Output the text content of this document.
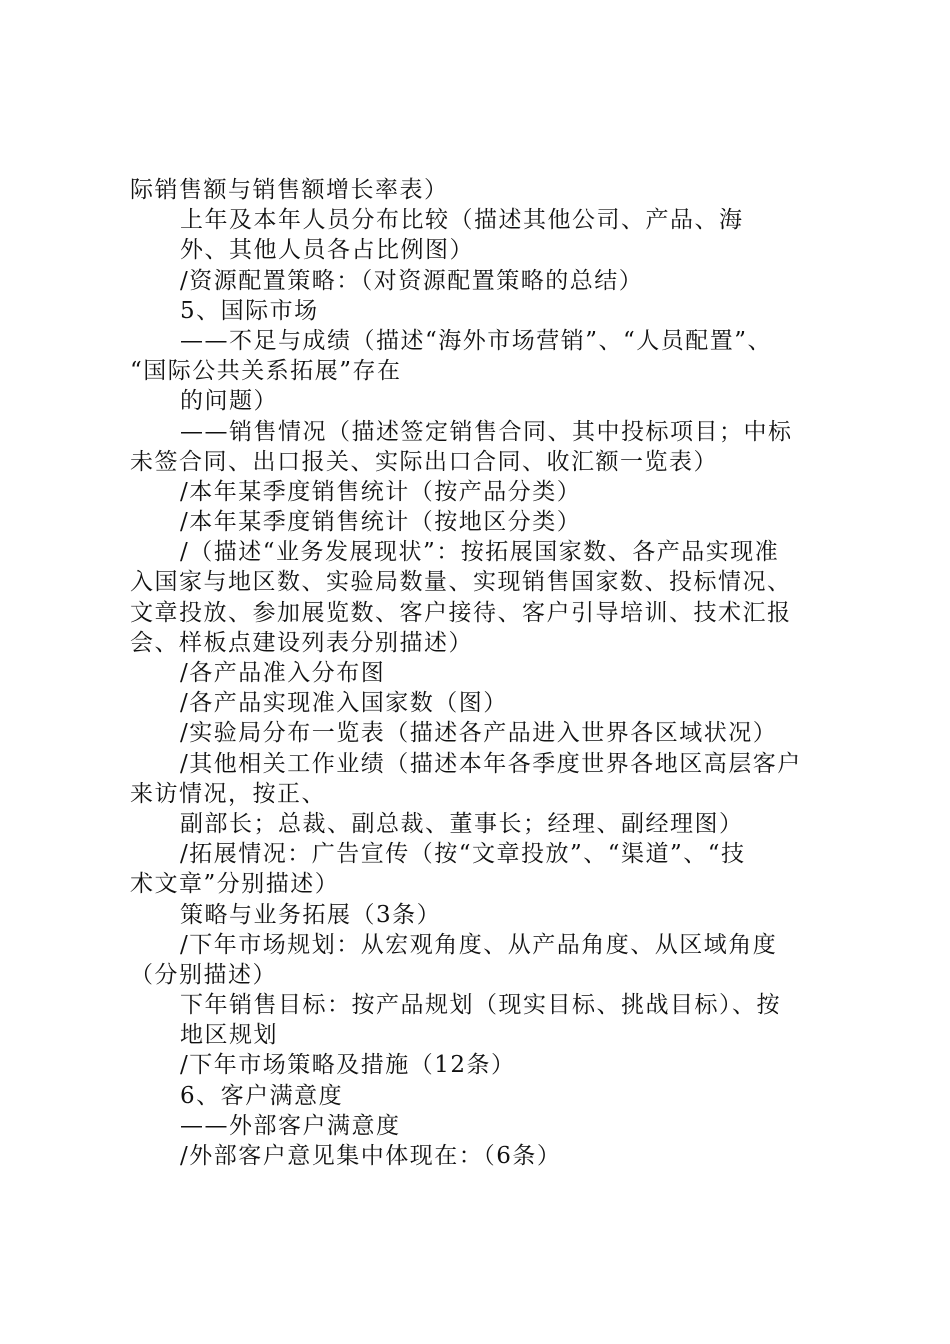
际销售额与销售额增长率表）
上年及本年人员分布比较（描述其他公司、产品、海
外、其他人员各占比例图）
/资源配置策略：（对资源配置策略的总结）
5、国际市场
——不足与成绩（描述“海外市场营销”、“人员配置”、
“国际公共关系拓展”存在
的问题）
——销售情况（描述签定销售合同、其中投标项目；中标
未签合同、出口报关、实际出口合同、收汇额一览表）
/本年某季度销售统计（按产品分类）
/本年某季度销售统计（按地区分类）
/（描述“业务发展现状”：按拓展国家数、各产品实现准
入国家与地区数、实验局数量、实现销售国家数、投标情况、
文章投放、参加展览数、客户接待、客户引导培训、技术汇报
会、样板点建设列表分别描述）
/各产品准入分布图
/各产品实现准入国家数（图）
/实验局分布一览表（描述各产品进入世界各区域状况）
/其他相关工作业绩（描述本年各季度世界各地区高层客户
来访情况，按正、
副部长；总裁、副总裁、董事长；经理、副经理图）
/拓展情况：广告宣传（按“文章投放”、“渠道”、“技
术文章”分别描述）
策略与业务拓展（3条）
/下年市场规划：从宏观角度、从产品角度、从区域角度
（分别描述）
下年销售目标：按产品规划（现实目标、挑战目标）、按
地区规划
/下年市场策略及措施（12条）
6、客户满意度
——外部客户满意度
/外部客户意见集中体现在：（6条）
